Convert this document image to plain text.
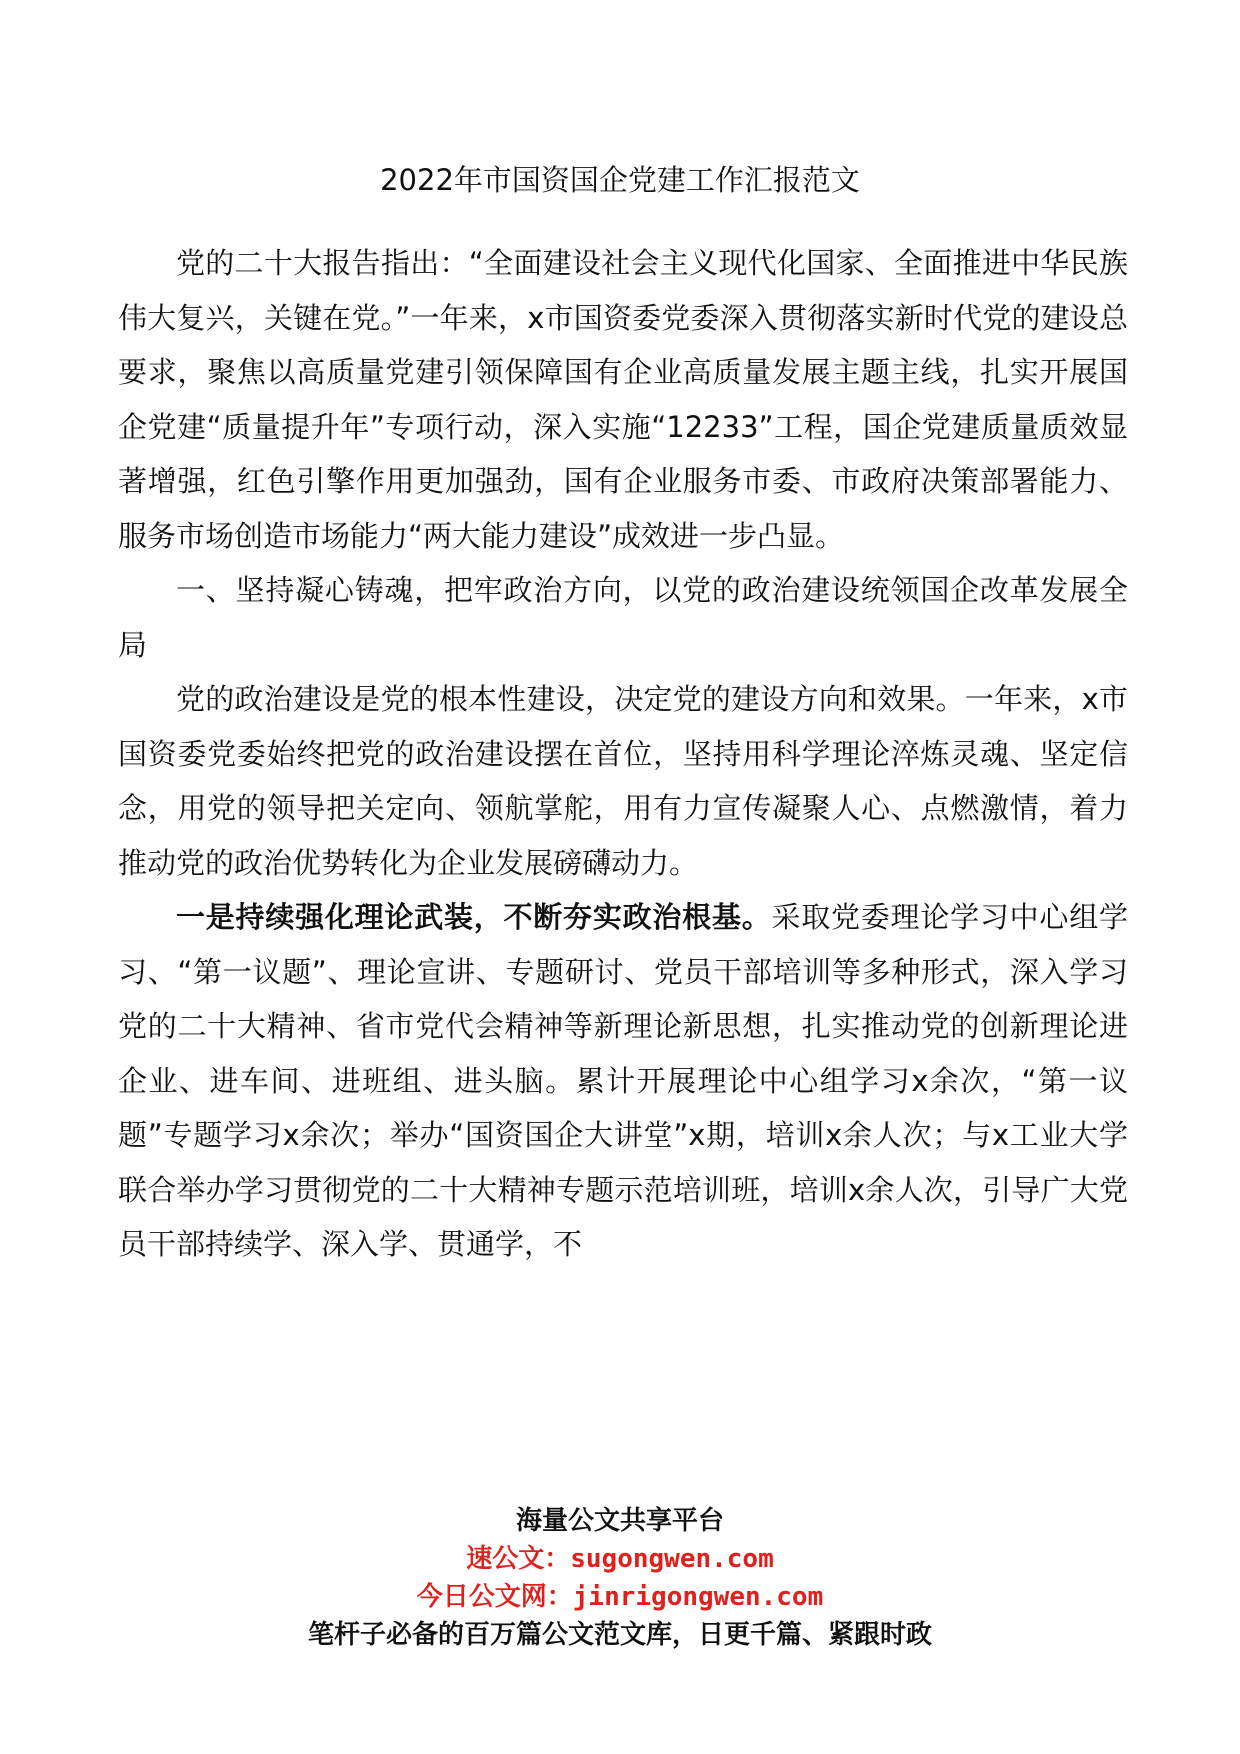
2022年市国资国企党建工作汇报范文

党的二十大报告指出：“全面建设社会主义现代化国家、全面推进中华民族伟大复兴，关键在党。”一年来，x市国资委党委深入贯彻落实新时代党的建设总要求，聚焦以高质量党建引领保障国有企业高质量发展主题主线，扎实开展国企党建“质量提升年”专项行动，深入实施“12233”工程，国企党建质量质效显著增强，红色引擎作用更加强劲，国有企业服务市委、市政府决策部署能力、服务市场创造市场能力“两大能力建设”成效进一步凸显。

一、坚持凝心铸魂，把牢政治方向，以党的政治建设统领国企改革发展全局

党的政治建设是党的根本性建设，决定党的建设方向和效果。一年来，x市国资委党委始终把党的政治建设摆在首位，坚持用科学理论淬炼灵魂、坚定信念，用党的领导把关定向、领航掌舵，用有力宣传凝聚人心、点燃激情，着力推动党的政治优势转化为企业发展磅礴动力。

一是持续强化理论武装，不断夯实政治根基。采取党委理论学习中心组学习、“第一议题”、理论宣讲、专题研讨、党员干部培训等多种形式，深入学习党的二十大精神、省市党代会精神等新理论新思想，扎实推动党的创新理论进企业、进车间、进班组、进头脑。累计开展理论中心组学习x余次，“第一议题”专题学习x余次；举办“国资国企大讲堂”x期，培训x余人次；与x工业大学联合举办学习贯彻党的二十大精神专题示范培训班，培训x余人次，引导广大党员干部持续学、深入学、贯通学，不

海量公文共享平台
速公文：sugongwen.com
今日公文网：jinrigongwen.com
笔杆子必备的百万篇公文范文库，日更千篇、紧跟时政
